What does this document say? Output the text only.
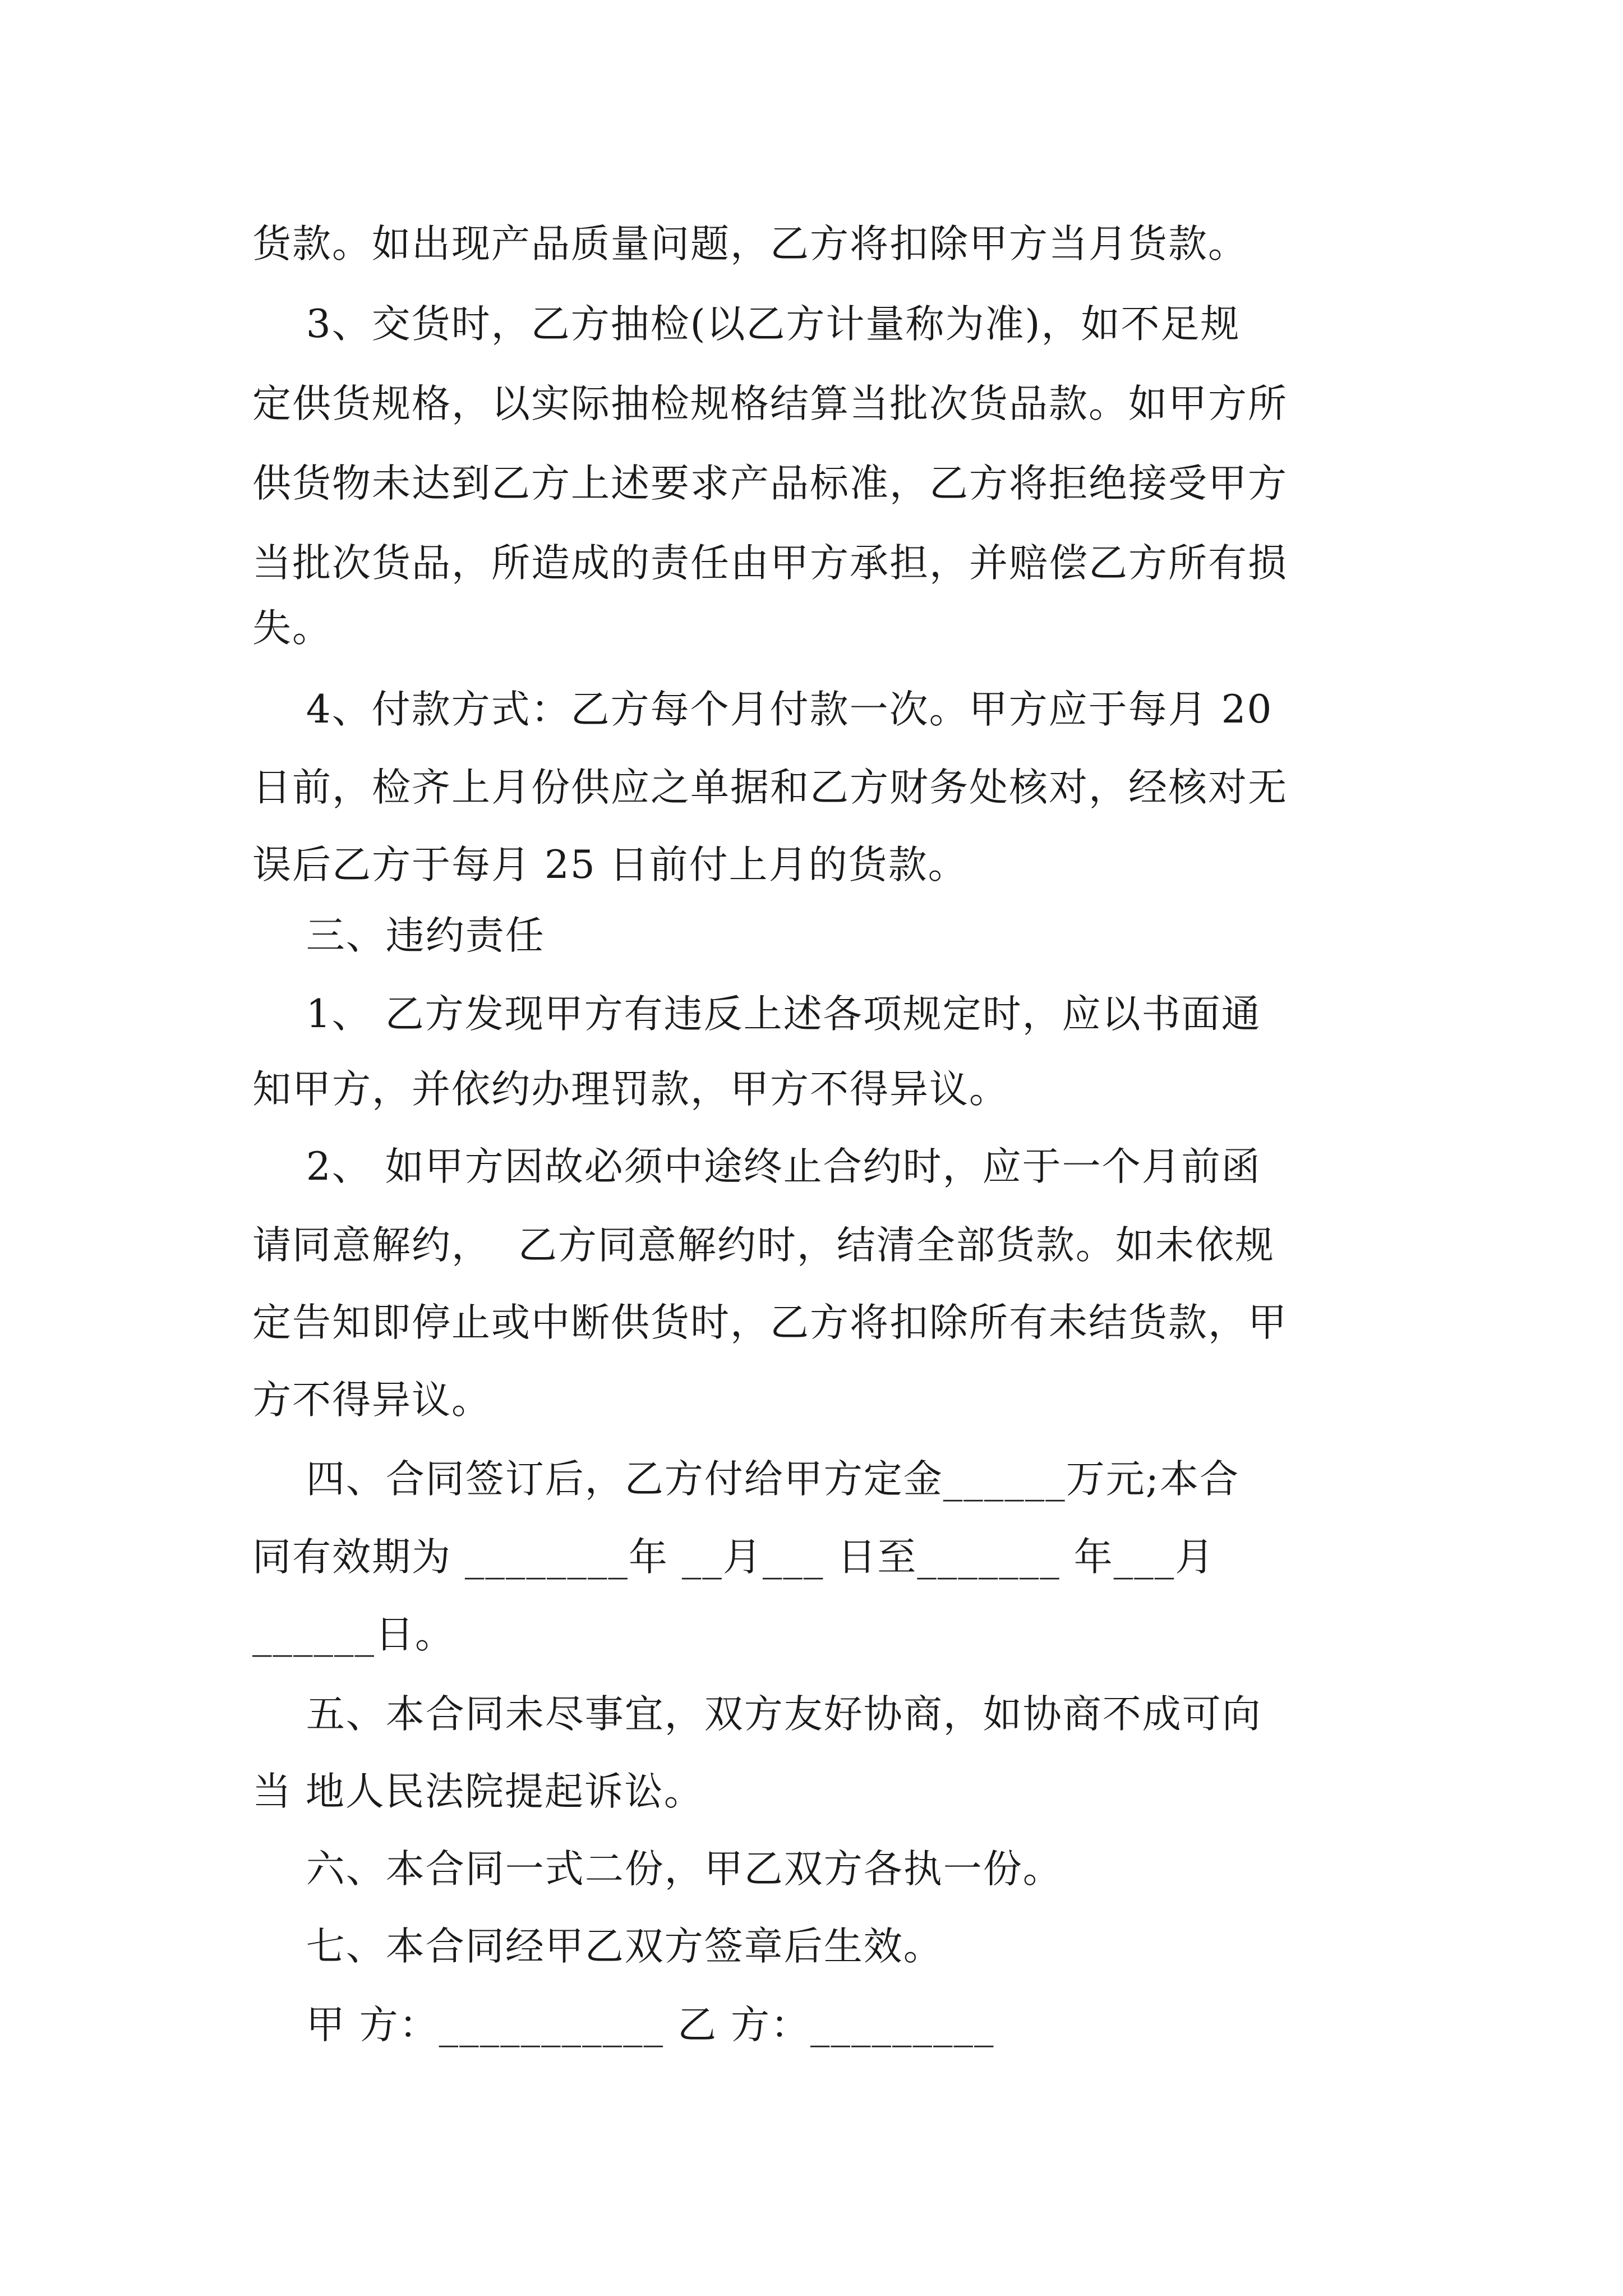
货款。如出现产品质量问题，乙方将扣除甲方当月货款。
3、交货时，乙方抽检(以乙方计量称为准)，如不足规
定供货规格，以实际抽检规格结算当批次货品款。如甲方所
供货物未达到乙方上述要求产品标准，乙方将拒绝接受甲方
当批次货品，所造成的责任由甲方承担，并赔偿乙方所有损
失。
4、付款方式：乙方每个月付款一次。甲方应于每月 20
日前，检齐上月份供应之单据和乙方财务处核对，经核对无
误后乙方于每月 25 日前付上月的货款。
三、违约责任
1、 乙方发现甲方有违反上述各项规定时，应以书面通
知甲方，并依约办理罚款，甲方不得异议。
2、 如甲方因故必须中途终止合约时，应于一个月前函
请同意解约，  乙方同意解约时，结清全部货款。如未依规
定告知即停止或中断供货时，乙方将扣除所有未结货款，甲
方不得异议。
四、合同签订后，乙方付给甲方定金______万元;本合
同有效期为 ________年 __月___ 日至_______ 年___月
______日。
五、本合同未尽事宜，双方友好协商，如协商不成可向
当 地人民法院提起诉讼。
六、本合同一式二份，甲乙双方各执一份。
七、本合同经甲乙双方签章后生效。
甲 方：___________ 乙 方：_________
